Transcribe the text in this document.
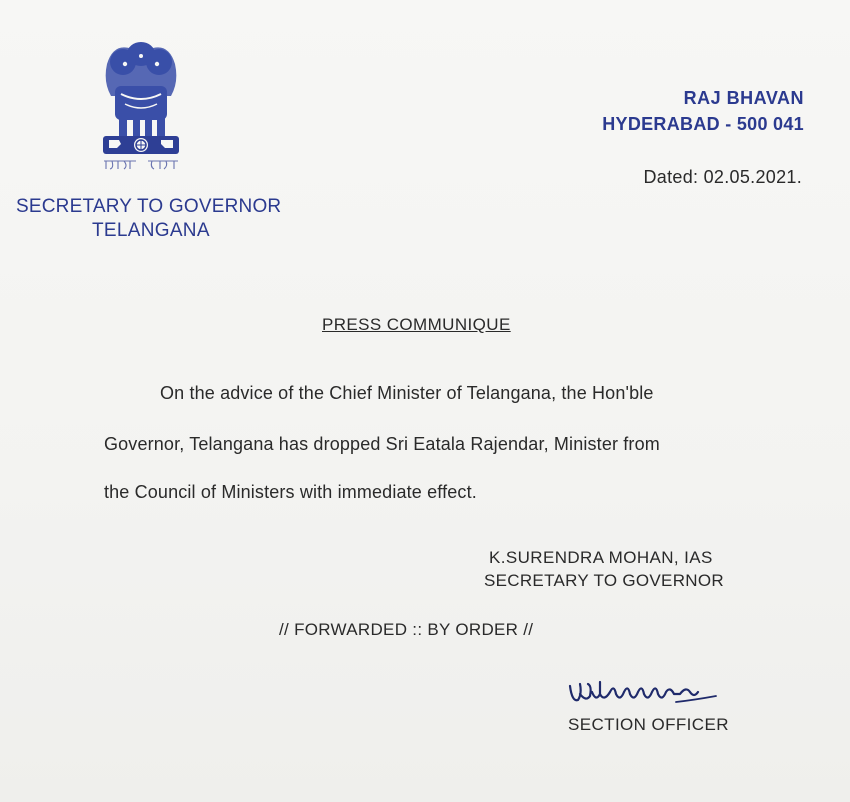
SECRETARY TO GOVERNOR
TELANGANA
RAJ BHAVAN
HYDERABAD - 500 041
Dated: 02.05.2021.
PRESS COMMUNIQUE
On the advice of the Chief Minister of Telangana, the Hon'ble
Governor, Telangana has dropped Sri Eatala Rajendar, Minister from
the Council of Ministers with immediate effect.
K.SURENDRA MOHAN, IAS
SECRETARY TO GOVERNOR
// FORWARDED :: BY ORDER //
SECTION OFFICER
